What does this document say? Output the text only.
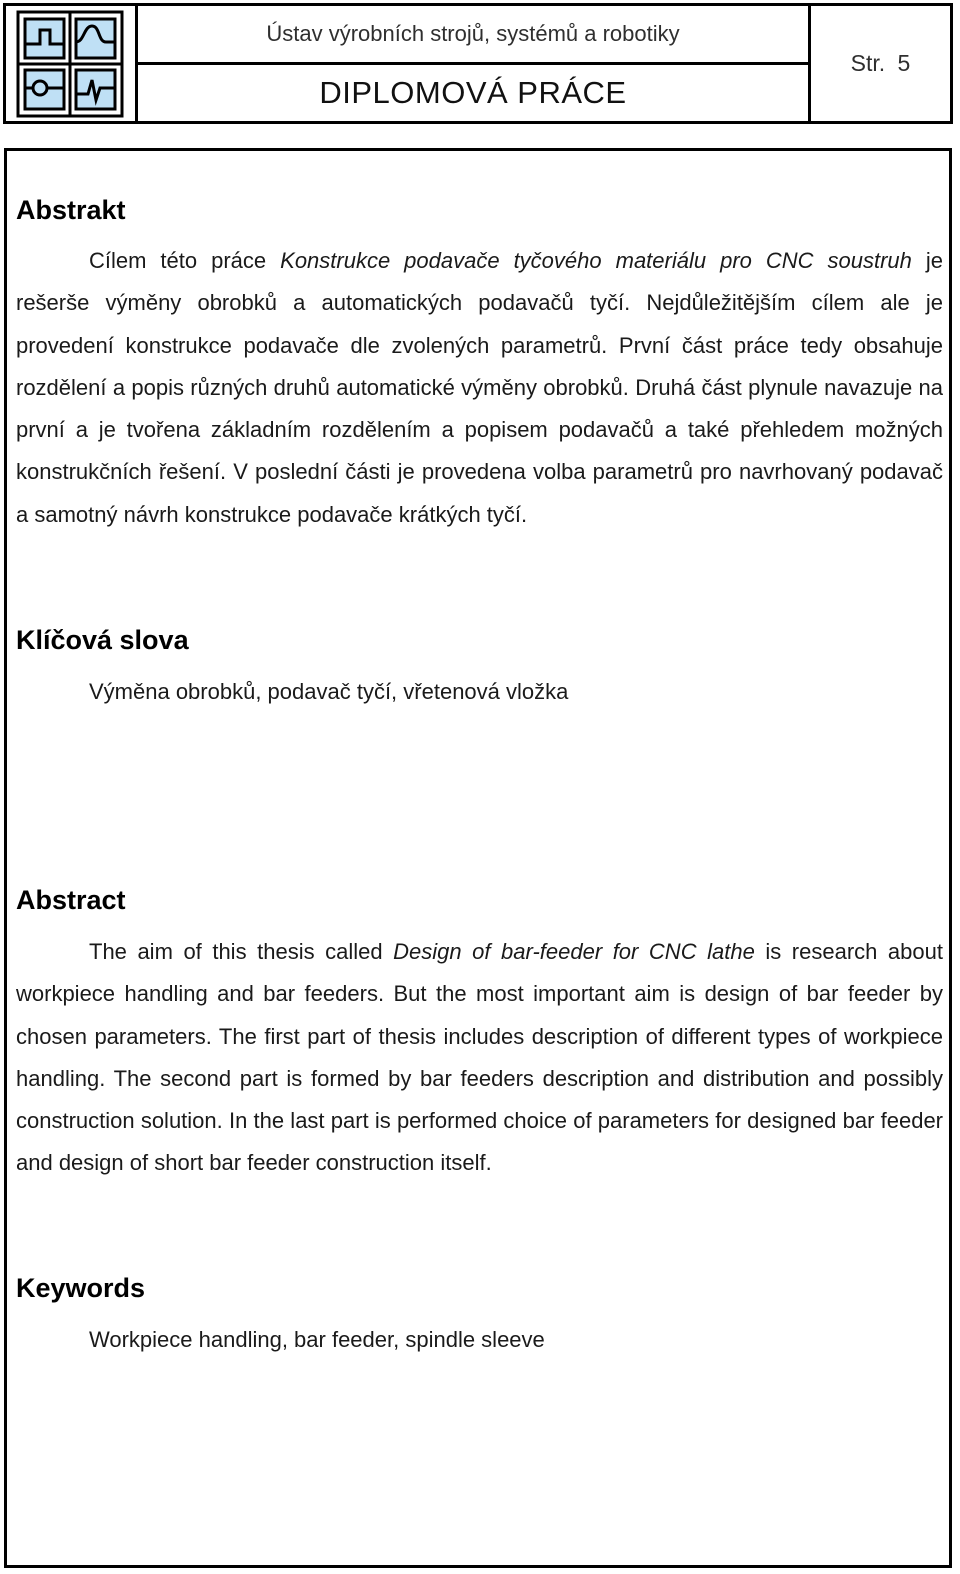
Ústav výrobních strojů, systémů a robotiky
DIPLOMOVÁ PRÁCE
Str. 5
Abstrakt

Cílem této práce Konstrukce podavače tyčového materiálu pro CNC soustruh je rešerše výměny obrobků a automatických podavačů tyčí. Nejdůležitějším cílem ale je provedení konstrukce podavače dle zvolených parametrů. První část práce tedy obsahuje rozdělení a popis různých druhů automatické výměny obrobků. Druhá část plynule navazuje na první a je tvořena základním rozdělením a popisem podavačů a také přehledem možných konstrukčních řešení. V poslední části je provedena volba parametrů pro navrhovaný podavač a samotný návrh konstrukce podavače krátkých tyčí.

Klíčová slova

Výměna obrobků, podavač tyčí, vřetenová vložka

Abstract

The aim of this thesis called Design of bar-feeder for CNC lathe is research about workpiece handling and bar feeders. But the most important aim is design of bar feeder by chosen parameters. The first part of thesis includes description of different types of workpiece handling. The second part is formed by bar feeders description and distribution and possibly construction solution. In the last part is performed choice of parameters for designed bar feeder and design of short bar feeder construction itself.

Keywords

Workpiece handling, bar feeder, spindle sleeve
